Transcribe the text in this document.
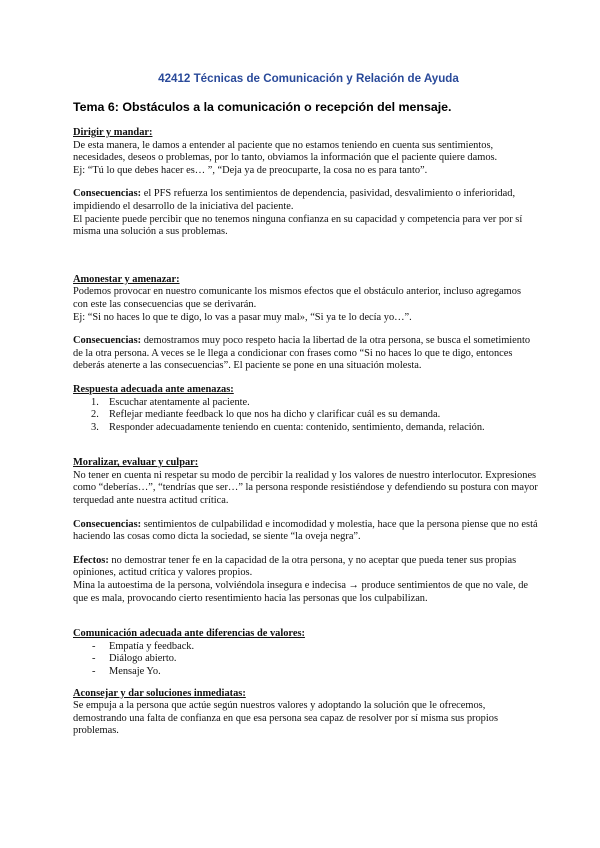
42412 Técnicas de Comunicación y Relación de Ayuda
Tema 6: Obstáculos a la comunicación o recepción del mensaje.
Dirigir y mandar:

De esta manera, le damos a entender al paciente que no estamos teniendo en cuenta sus sentimientos, necesidades, deseos o problemas, por lo tanto, obviamos la información que el paciente quiere damos.

Ej: “Tú lo que debes hacer es… ”, “Deja ya de preocuparte, la cosa no es para tanto”.

Consecuencias: el PFS refuerza los sentimientos de dependencia, pasividad, desvalimiento o inferioridad, impidiendo el desarrollo de la iniciativa del paciente.

El paciente puede percibir que no tenemos ninguna confianza en su capacidad y competencia para ver por sí misma una solución a sus problemas.

Amonestar y amenazar:

Podemos provocar en nuestro comunicante los mismos efectos que el obstáculo anterior, incluso agregamos con este las consecuencias que se derivarán.

Ej: “Si no haces lo que te digo, lo vas a pasar muy mal», “Si ya te lo decía yo…”.

Consecuencias: demostramos muy poco respeto hacia la libertad de la otra persona, se busca el sometimiento de la otra persona. A veces se le llega a condicionar con frases como “Si no haces lo que te digo, entonces deberás atenerte a las consecuencias”. El paciente se pone en una situación molesta.

Respuesta adecuada ante amenazas:
1. Escuchar atentamente al paciente.
2. Reflejar mediante feedback lo que nos ha dicho y clarificar cuál es su demanda.
3. Responder adecuadamente teniendo en cuenta: contenido, sentimiento, demanda, relación.
Moralizar, evaluar y culpar:

No tener en cuenta ni respetar su modo de percibir la realidad y los valores de nuestro interlocutor. Expresiones como “deberías…”, “tendrías que ser…” la persona responde resistiéndose y defendiendo su postura con mayor terquedad ante nuestra actitud crítica.

Consecuencias: sentimientos de culpabilidad e incomodidad y molestia, hace que la persona piense que no está haciendo las cosas como dicta la sociedad, se siente “la oveja negra”.

Efectos: no demostrar tener fe en la capacidad de la otra persona, y no aceptar que pueda tener sus propias opiniones, actitud crítica y valores propios.

Mina la autoestima de la persona, volviéndola insegura e indecisa → produce sentimientos de que no vale, de que es mala, provocando cierto resentimiento hacia las personas que los culpabilizan.

Comunicación adecuada ante diferencias de valores:
- Empatía y feedback.
- Diálogo abierto.
- Mensaje Yo.
Aconsejar y dar soluciones inmediatas:

Se empuja a la persona que actúe según nuestros valores y adoptando la solución que le ofrecemos, demostrando una falta de confianza en que esa persona sea capaz de resolver por sí misma sus propios problemas.
